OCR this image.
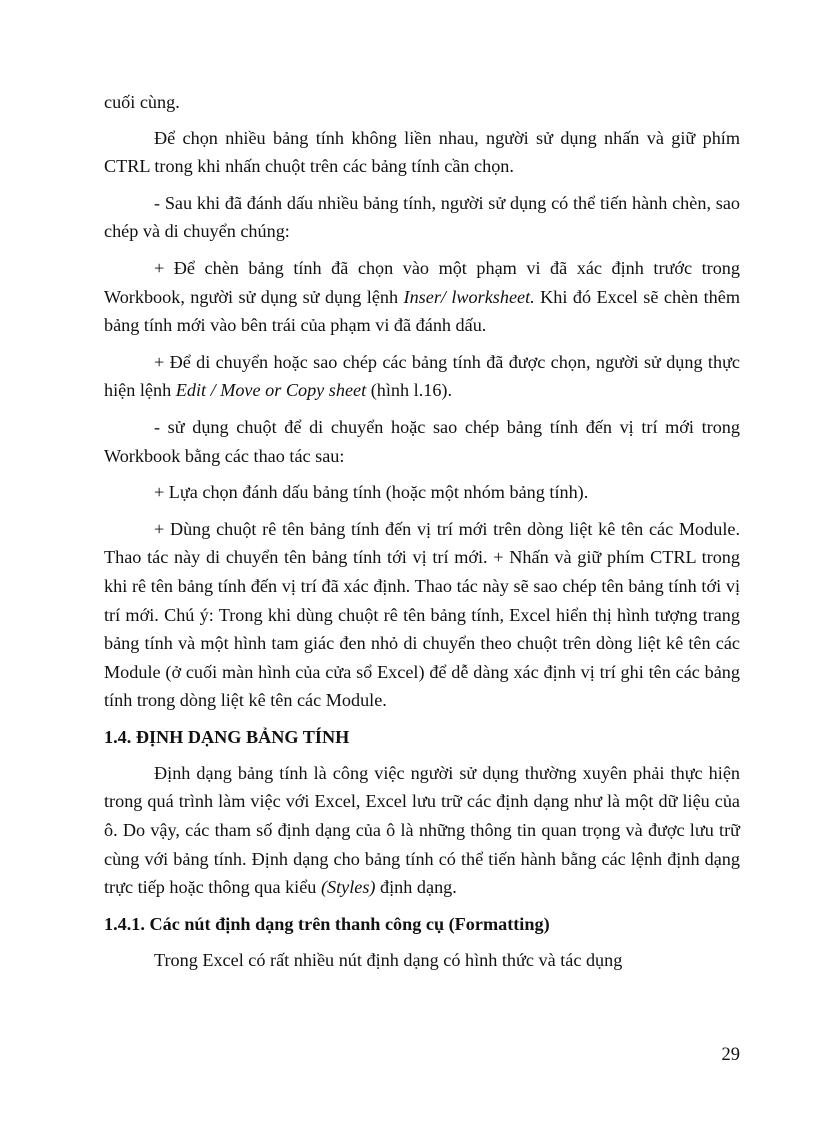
cuối cùng.

Để chọn nhiều bảng tính không liền nhau, người sử dụng nhấn và giữ phím CTRL trong khi nhấn chuột trên các bảng tính cần chọn.

- Sau khi đã đánh dấu nhiều bảng tính, người sử dụng có thể tiến hành chèn, sao chép và di chuyển chúng:

+ Để chèn bảng tính đã chọn vào một phạm vi đã xác định trước trong Workbook, người sử dụng sử dụng lệnh Inser/ lworksheet. Khi đó Excel sẽ chèn thêm bảng tính mới vào bên trái của phạm vi đã đánh dấu.

+ Để di chuyển hoặc sao chép các bảng tính đã được chọn, người sử dụng thực hiện lệnh Edit / Move or Copy sheet (hình l.16).

- sử dụng chuột để di chuyển hoặc sao chép bảng tính đến vị trí mới trong Workbook bằng các thao tác sau:

+ Lựa chọn đánh dấu bảng tính (hoặc một nhóm bảng tính).

+ Dùng chuột rê tên bảng tính đến vị trí mới trên dòng liệt kê tên các Module. Thao tác này di chuyển tên bảng tính tới vị trí mới. + Nhấn và giữ phím CTRL trong khi rê tên bảng tính đến vị trí đã xác định. Thao tác này sẽ sao chép tên bảng tính tới vị trí mới. Chú ý: Trong khi dùng chuột rê tên bảng tính, Excel hiển thị hình tượng trang bảng tính và một hình tam giác đen nhỏ di chuyển theo chuột trên dòng liệt kê tên các Module (ở cuối màn hình của cửa sổ Excel) để dễ dàng xác định vị trí ghi tên các bảng tính trong dòng liệt kê tên các Module.

1.4. ĐỊNH DẠNG BẢNG TÍNH

Định dạng bảng tính là công việc người sử dụng thường xuyên phải thực hiện trong quá trình làm việc với Excel, Excel lưu trữ các định dạng như là một dữ liệu của ô. Do vậy, các tham số định dạng của ô là những thông tin quan trọng và được lưu trữ cùng với bảng tính. Định dạng cho bảng tính có thể tiến hành bằng các lệnh định dạng trực tiếp hoặc thông qua kiểu (Styles) định dạng.

1.4.1. Các nút định dạng trên thanh công cụ (Formatting)

Trong Excel có rất nhiều nút định dạng có hình thức và tác dụng

29
